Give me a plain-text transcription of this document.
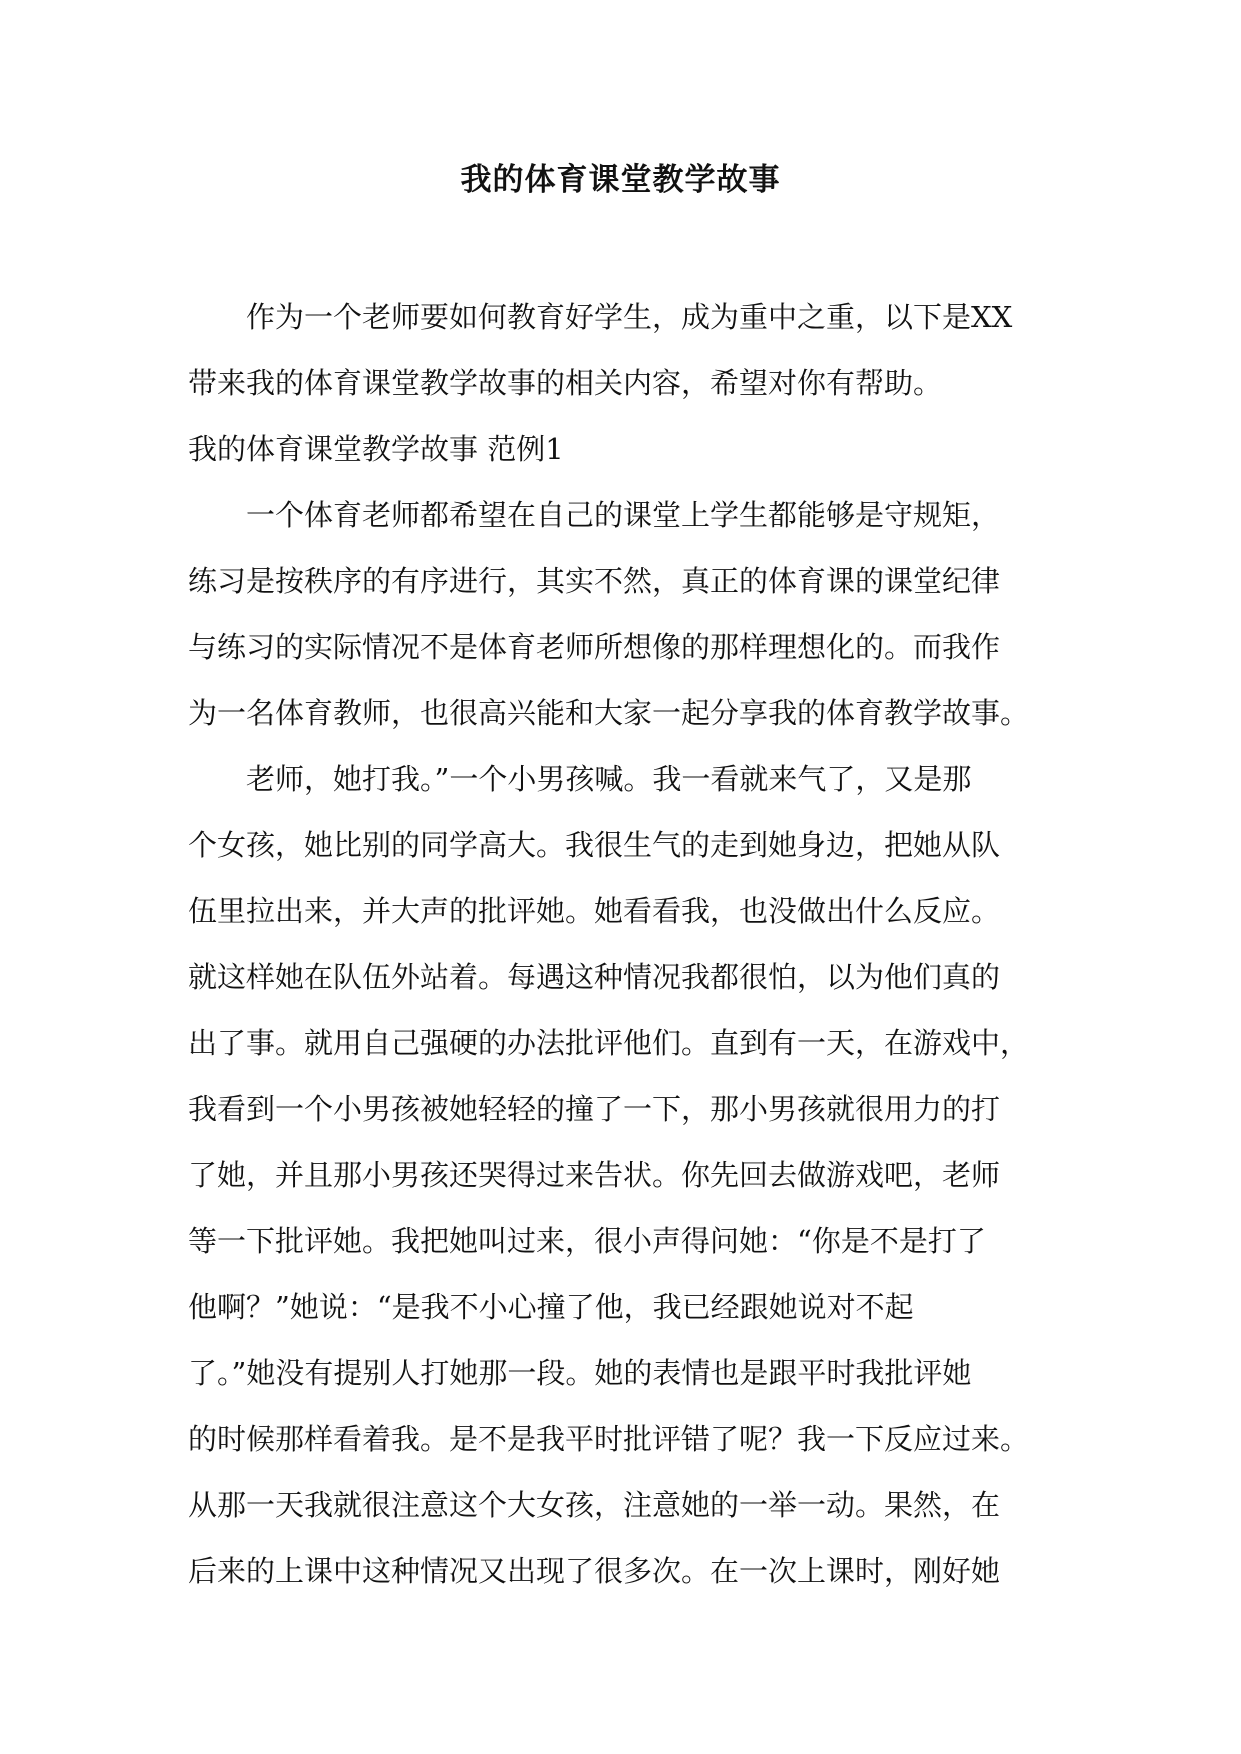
我的体育课堂教学故事
作为一个老师要如何教育好学生，成为重中之重，以下是XX
带来我的体育课堂教学故事的相关内容，希望对你有帮助。
我的体育课堂教学故事 范例1
一个体育老师都希望在自己的课堂上学生都能够是守规矩，
练习是按秩序的有序进行，其实不然，真正的体育课的课堂纪律
与练习的实际情况不是体育老师所想像的那样理想化的。而我作
为一名体育教师，也很高兴能和大家一起分享我的体育教学故事。
老师，她打我。”一个小男孩喊。我一看就来气了，又是那
个女孩，她比别的同学高大。我很生气的走到她身边，把她从队
伍里拉出来，并大声的批评她。她看看我，也没做出什么反应。
就这样她在队伍外站着。每遇这种情况我都很怕，以为他们真的
出了事。就用自己强硬的办法批评他们。直到有一天，在游戏中，
我看到一个小男孩被她轻轻的撞了一下，那小男孩就很用力的打
了她，并且那小男孩还哭得过来告状。你先回去做游戏吧，老师
等一下批评她。我把她叫过来，很小声得问她：“你是不是打了
他啊？”她说：“是我不小心撞了他，我已经跟她说对不起
了。”她没有提别人打她那一段。她的表情也是跟平时我批评她
的时候那样看着我。是不是我平时批评错了呢？我一下反应过来。
从那一天我就很注意这个大女孩，注意她的一举一动。果然，在
后来的上课中这种情况又出现了很多次。在一次上课时，刚好她
